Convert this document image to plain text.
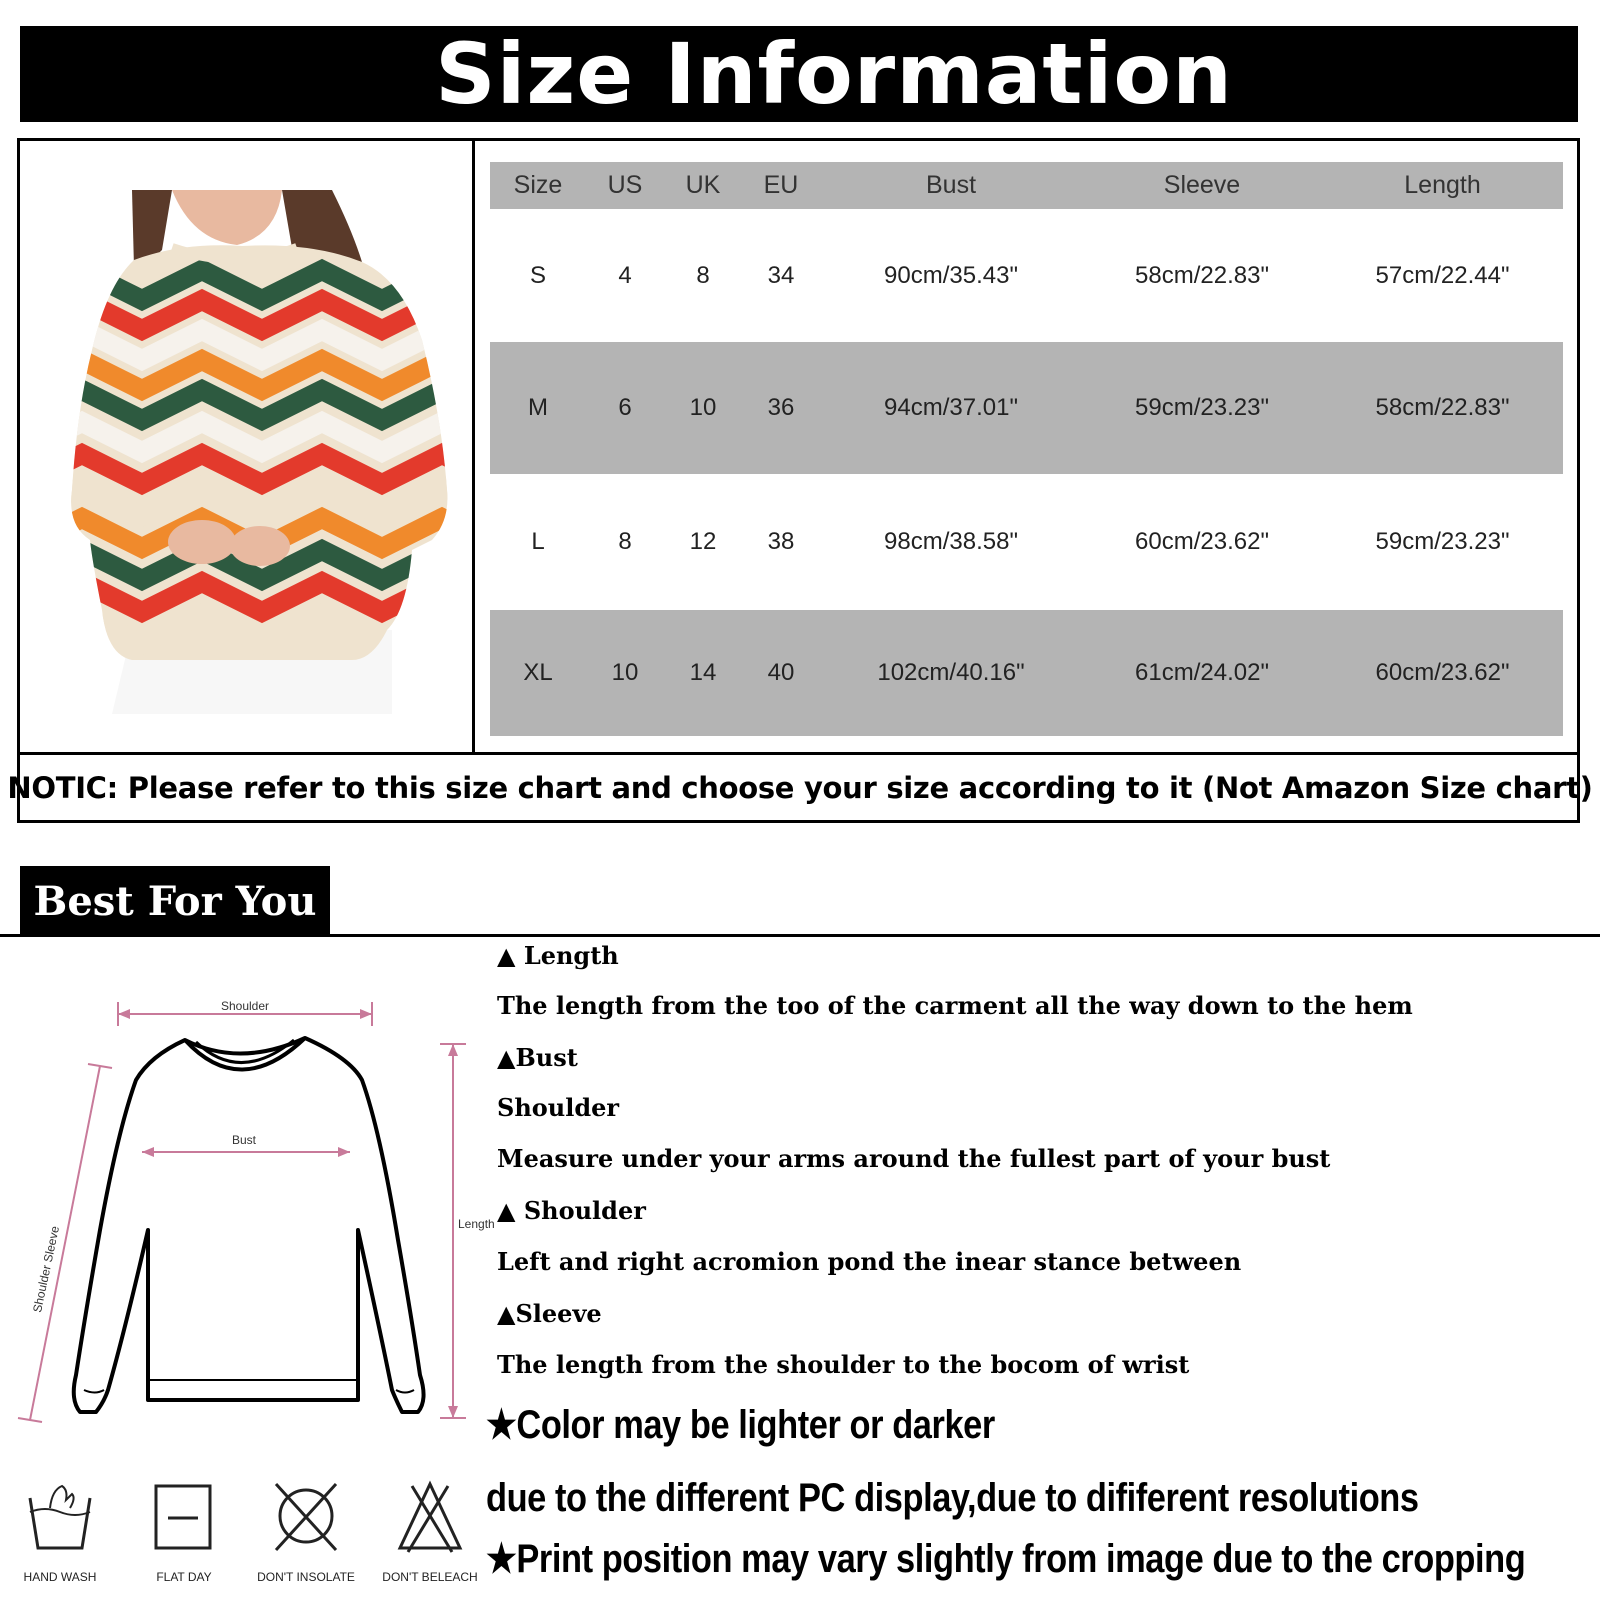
Size Information
NOTIC: Please refer to this size chart and choose your size according to it (Not Amazon Size chart)
Size	US	UK	EU	Bust	Sleeve	Length
S	4	8	34	90cm/35.43"	58cm/22.83"	57cm/22.44"
M	6	10	36	94cm/37.01"	59cm/23.23"	58cm/22.83"
L	8	12	38	98cm/38.58"	60cm/23.62"	59cm/23.23"
XL	10	14	40	102cm/40.16"	61cm/24.02"	60cm/23.62"
Best For You
Shoulder
Bust
Length
Shoulder Sleeve
▲ Length
The length from the too of the carment all the way down to the hem
▲Bust
Shoulder
Measure under your arms around the fullest part of your bust
▲ Shoulder
Left and right acromion pond the inear stance between
▲Sleeve
The length from the shoulder to the bocom of wrist
★Color may be lighter or darker
due to the different PC display,due to dififerent resolutions
★Print position may vary slightly from image due to the cropping
HAND WASH	FLAT DAY	DON'T INSOLATE	DON'T BELEACH
